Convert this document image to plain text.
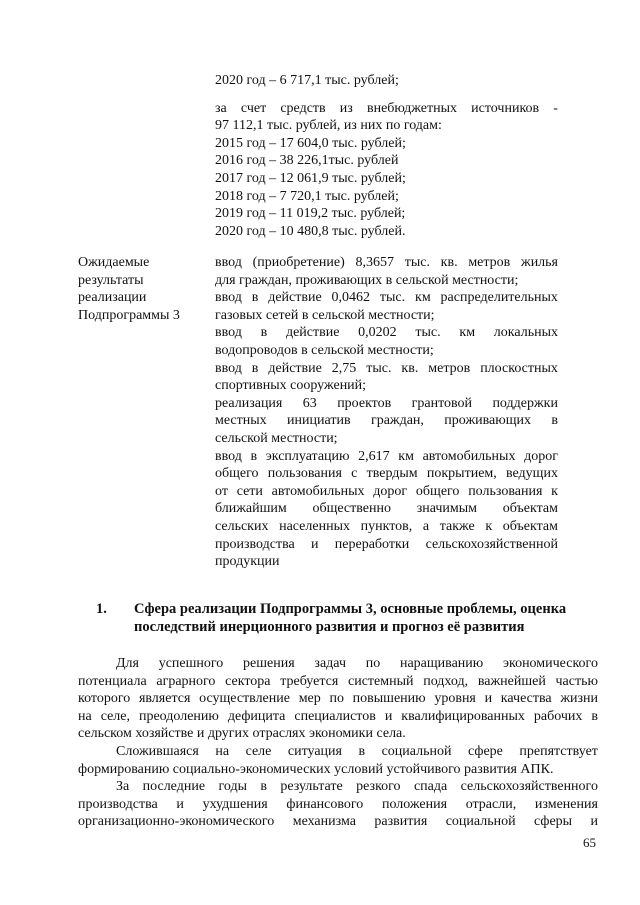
2020 год – 6 717,1 тыс. рублей;
за счет средств из внебюджетных источников -
97 112,1 тыс. рублей, из них по годам:
2015 год – 17 604,0 тыс. рублей;
2016 год – 38 226,1тыс. рублей
2017 год – 12 061,9 тыс. рублей;
2018 год – 7 720,1 тыс. рублей;
2019 год – 11 019,2 тыс. рублей;
2020 год – 10 480,8 тыс. рублей.
Ожидаемые
результаты
реализации
Подпрограммы 3
ввод (приобретение) 8,3657 тыс. кв. метров жилья
для граждан, проживающих в сельской местности;
ввод в действие 0,0462 тыс. км распределительных
газовых сетей в сельской местности;
ввод в действие 0,0202 тыс. км локальных
водопроводов в сельской местности;
ввод в действие 2,75 тыс. кв. метров плоскостных
спортивных сооружений;
реализация 63 проектов грантовой поддержки
местных инициатив граждан, проживающих в
сельской местности;
ввод в эксплуатацию 2,617 км автомобильных дорог
общего пользования с твердым покрытием, ведущих
от сети автомобильных дорог общего пользования к
ближайшим общественно значимым объектам
сельских населенных пунктов, а также к объектам
производства и переработки сельскохозяйственной
продукции
1. Сфера реализации Подпрограммы 3, основные проблемы, оценка
последствий инерционного развития и прогноз её развития
Для успешного решения задач по наращиванию экономического
потенциала аграрного сектора требуется системный подход, важнейшей частью
которого является осуществление мер по повышению уровня и качества жизни
на селе, преодолению дефицита специалистов и квалифицированных рабочих в
сельском хозяйстве и других отраслях экономики села.
Сложившаяся на селе ситуация в социальной сфере препятствует
формированию социально-экономических условий устойчивого развития АПК.
За последние годы в результате резкого спада сельскохозяйственного
производства и ухудшения финансового положения отрасли, изменения
организационно-экономического механизма развития социальной сферы и
65
